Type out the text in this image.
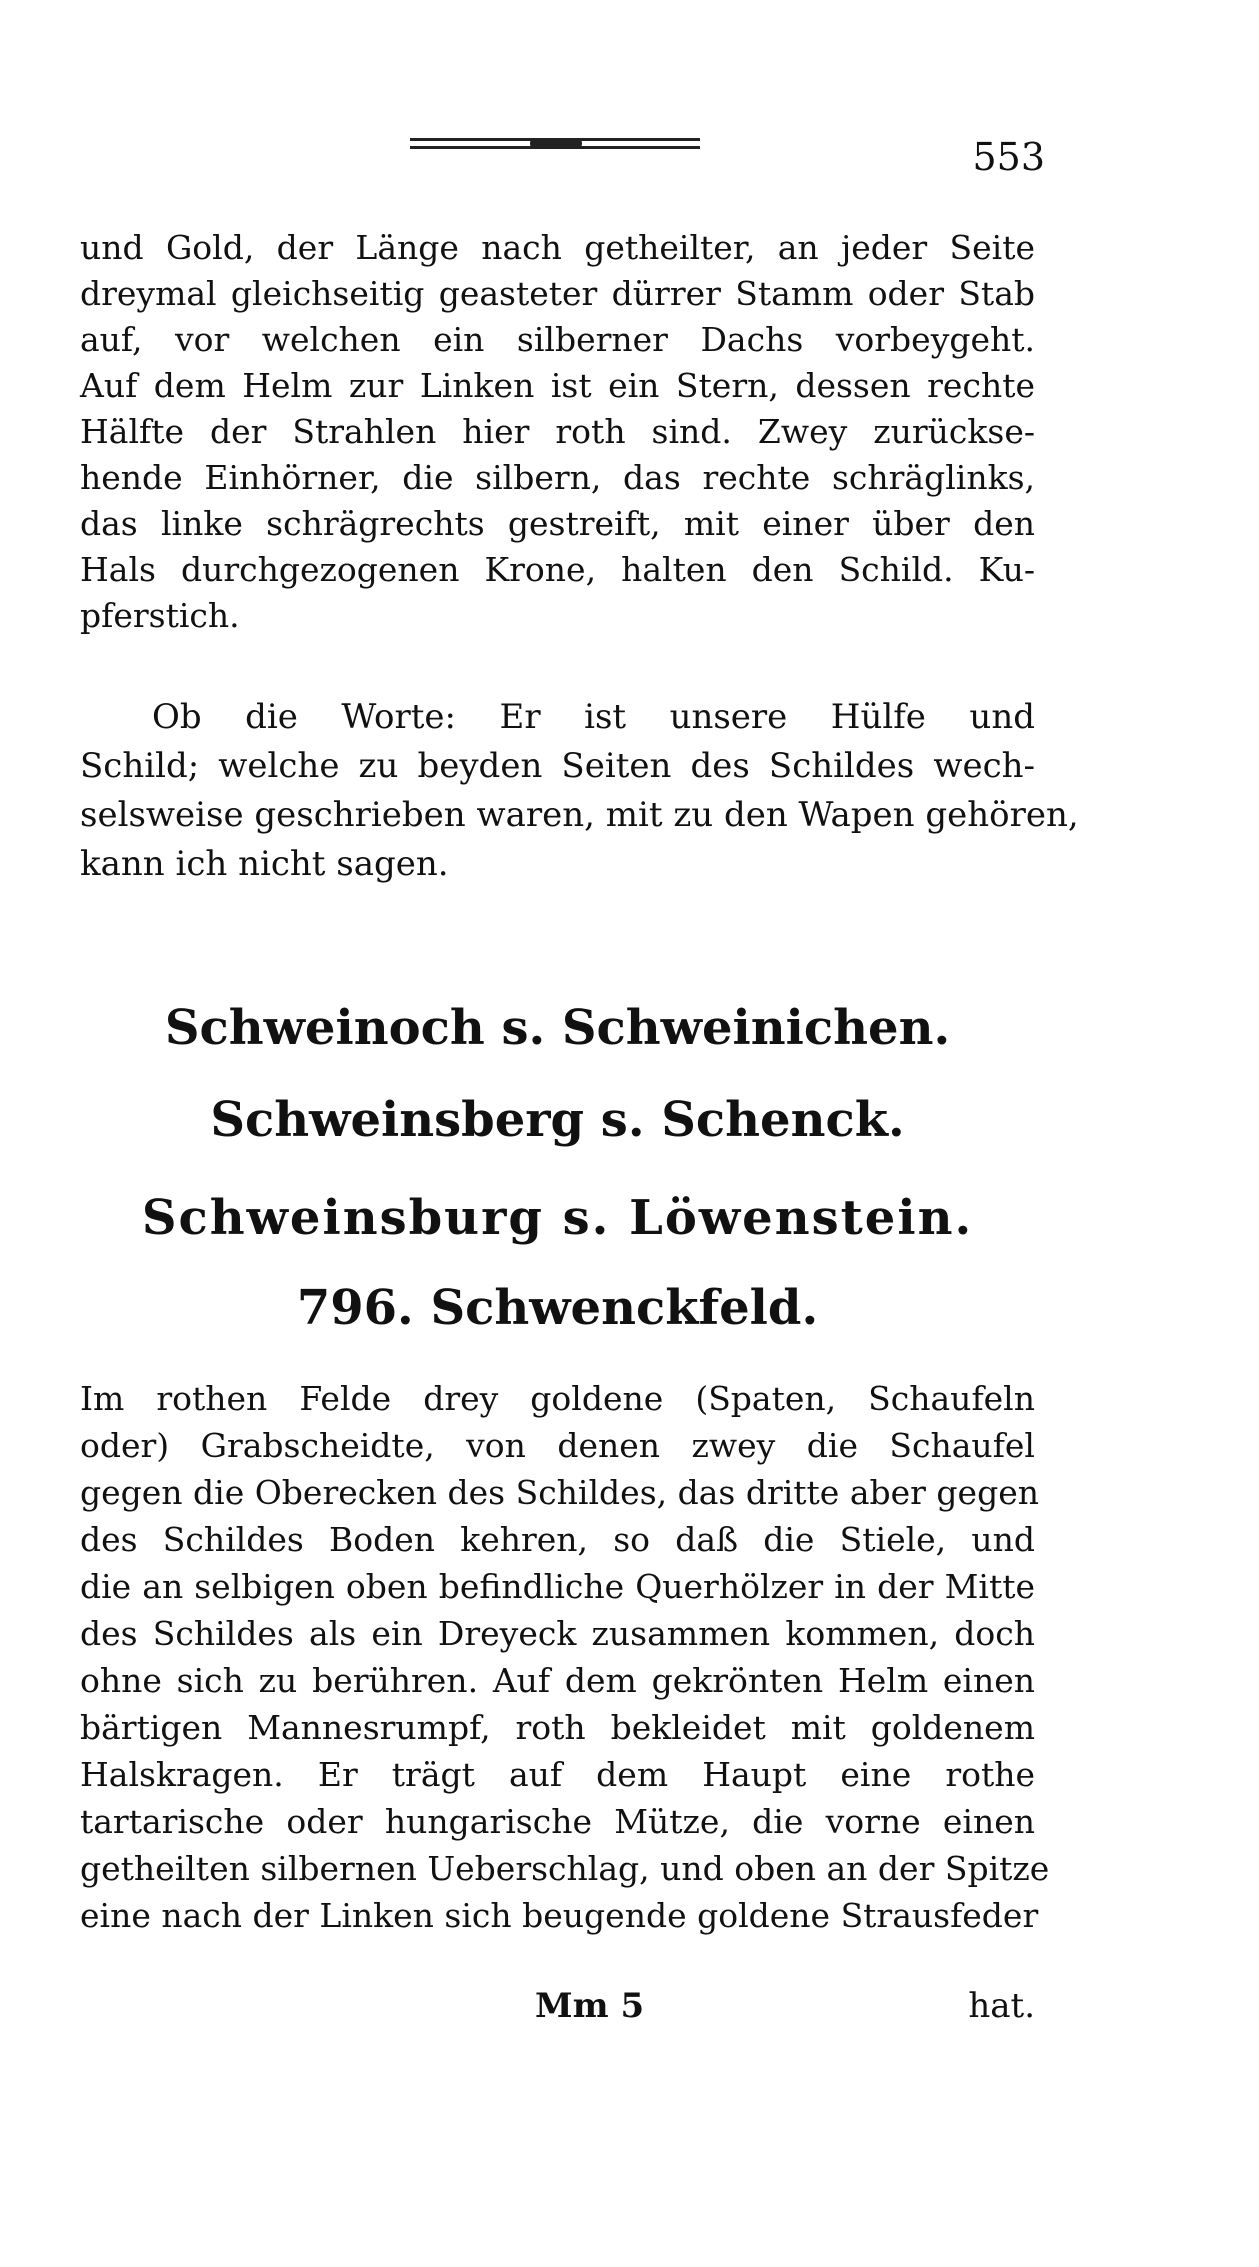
553
und Gold, der Länge nach getheilter, an jeder Seite
dreymal gleichseitig geasteter dürrer Stamm oder Stab
auf, vor welchen ein silberner Dachs vorbeygeht.
Auf dem Helm zur Linken ist ein Stern, dessen rechte
Hälfte der Strahlen hier roth sind. Zwey zurückse-
hende Einhörner, die silbern, das rechte schräglinks,
das linke schrägrechts gestreift, mit einer über den
Hals durchgezogenen Krone, halten den Schild. Ku-
pferstich.
Ob die Worte: Er ist unsere Hülfe und
Schild; welche zu beyden Seiten des Schildes wech-
selsweise geschrieben waren, mit zu den Wapen gehören,
kann ich nicht sagen.
Schweinoch s. Schweinichen.
Schweinsberg s. Schenck.
Schweinsburg s. Löwenstein.
796. Schwenckfeld.
Im rothen Felde drey goldene (Spaten, Schaufeln
oder) Grabscheidte, von denen zwey die Schaufel
gegen die Oberecken des Schildes, das dritte aber gegen
des Schildes Boden kehren, so daß die Stiele, und
die an selbigen oben befindliche Querhölzer in der Mitte
des Schildes als ein Dreyeck zusammen kommen, doch
ohne sich zu berühren. Auf dem gekrönten Helm einen
bärtigen Mannesrumpf, roth bekleidet mit goldenem
Halskragen. Er trägt auf dem Haupt eine rothe
tartarische oder hungarische Mütze, die vorne einen
getheilten silbernen Ueberschlag, und oben an der Spitze
eine nach der Linken sich beugende goldene Strausfeder
Mm 5	hat.
